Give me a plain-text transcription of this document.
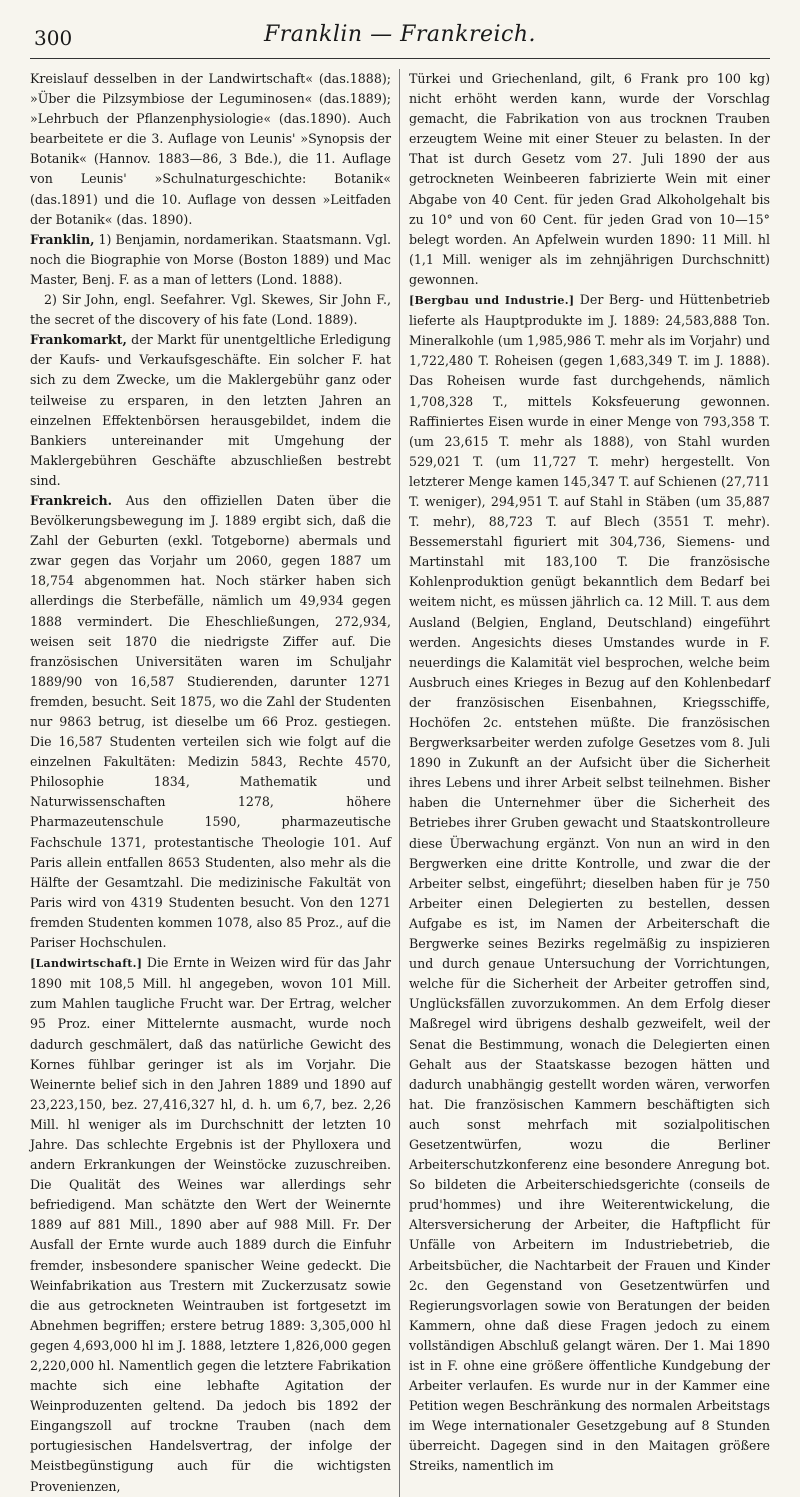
300	Franklin — Frankreich.

Kreislauf desselben in der Landwirtschaft« (das.1888); »Über die Pilzsymbiose der Leguminosen« (das.1889); »Lehrbuch der Pflanzenphysiologie« (das.1890). Auch bearbeitete er die 3. Auflage von Leunis' »Synopsis der Botanik« (Hannov. 1883—86, 3 Bde.), die 11. Auflage von Leunis' »Schulnaturgeschichte: Botanik« (das.1891) und die 10. Auflage von dessen »Leitfaden der Botanik« (das. 1890).

Franklin, 1) Benjamin, nordamerikan. Staatsmann. Vgl. noch die Biographie von Morse (Boston 1889) und Mac Master, Benj. F. as a man of letters (Lond. 1888).

2) Sir John, engl. Seefahrer. Vgl. Skewes, Sir John F., the secret of the discovery of his fate (Lond. 1889).

Frankomarkt, der Markt für unentgeltliche Erledigung der Kaufs- und Verkaufsgeschäfte. Ein solcher F. hat sich zu dem Zwecke, um die Maklergebühr ganz oder teilweise zu ersparen, in den letzten Jahren an einzelnen Effektenbörsen herausgebildet, indem die Bankiers untereinander mit Umgehung der Maklergebühren Geschäfte abzuschließen bestrebt sind.

Frankreich. Aus den offiziellen Daten über die Bevölkerungsbewegung im J. 1889 ergibt sich, daß die Zahl der Geburten (exkl. Totgeborne) abermals und zwar gegen das Vorjahr um 2060, gegen 1887 um 18,754 abgenommen hat. Noch stärker haben sich allerdings die Sterbefälle, nämlich um 49,934 gegen 1888 vermindert. Die Eheschließungen, 272,934, weisen seit 1870 die niedrigste Ziffer auf. Die französischen Universitäten waren im Schuljahr 1889/90 von 16,587 Studierenden, darunter 1271 fremden, besucht. Seit 1875, wo die Zahl der Studenten nur 9863 betrug, ist dieselbe um 66 Proz. gestiegen. Die 16,587 Studenten verteilen sich wie folgt auf die einzelnen Fakultäten: Medizin 5843, Rechte 4570, Philosophie 1834, Mathematik und Naturwissenschaften 1278, höhere Pharmazeutenschule 1590, pharmazeutische Fachschule 1371, protestantische Theologie 101. Auf Paris allein entfallen 8653 Studenten, also mehr als die Hälfte der Gesamtzahl. Die medizinische Fakultät von Paris wird von 4319 Studenten besucht. Von den 1271 fremden Studenten kommen 1078, also 85 Proz., auf die Pariser Hochschulen.

[Landwirtschaft.] Die Ernte in Weizen wird für das Jahr 1890 mit 108,5 Mill. hl angegeben, wovon 101 Mill. zum Mahlen taugliche Frucht war. Der Ertrag, welcher 95 Proz. einer Mittelernte ausmacht, wurde noch dadurch geschmälert, daß das natürliche Gewicht des Kornes fühlbar geringer ist als im Vorjahr. Die Weinernte belief sich in den Jahren 1889 und 1890 auf 23,223,150, bez. 27,416,327 hl, d. h. um 6,7, bez. 2,26 Mill. hl weniger als im Durchschnitt der letzten 10 Jahre. Das schlechte Ergebnis ist der Phylloxera und andern Erkrankungen der Weinstöcke zuzuschreiben. Die Qualität des Weines war allerdings sehr befriedigend. Man schätzte den Wert der Weinernte 1889 auf 881 Mill., 1890 aber auf 988 Mill. Fr. Der Ausfall der Ernte wurde auch 1889 durch die Einfuhr fremder, insbesondere spanischer Weine gedeckt. Die Weinfabrikation aus Trestern mit Zuckerzusatz sowie die aus getrockneten Weintrauben ist fortgesetzt im Abnehmen begriffen; erstere betrug 1889: 3,305,000 hl gegen 4,693,000 hl im J. 1888, letztere 1,826,000 gegen 2,220,000 hl. Namentlich gegen die letztere Fabrikation machte sich eine lebhafte Agitation der Weinproduzenten geltend. Da jedoch bis 1892 der Eingangszoll auf trockne Trauben (nach dem portugiesischen Handelsvertrag, der infolge der Meistbegünstigung auch für die wichtigsten Provenienzen,

Türkei und Griechenland, gilt, 6 Frank pro 100 kg) nicht erhöht werden kann, wurde der Vorschlag gemacht, die Fabrikation von aus trocknen Trauben erzeugtem Weine mit einer Steuer zu belasten. In der That ist durch Gesetz vom 27. Juli 1890 der aus getrockneten Weinbeeren fabrizierte Wein mit einer Abgabe von 40 Cent. für jeden Grad Alkoholgehalt bis zu 10° und von 60 Cent. für jeden Grad von 10—15° belegt worden. An Apfelwein wurden 1890: 11 Mill. hl (1,1 Mill. weniger als im zehnjährigen Durchschnitt) gewonnen.

[Bergbau und Industrie.] Der Berg- und Hüttenbetrieb lieferte als Hauptprodukte im J. 1889: 24,583,888 Ton. Mineralkohle (um 1,985,986 T. mehr als im Vorjahr) und 1,722,480 T. Roheisen (gegen 1,683,349 T. im J. 1888). Das Roheisen wurde fast durchgehends, nämlich 1,708,328 T., mittels Koksfeuerung gewonnen. Raffiniertes Eisen wurde in einer Menge von 793,358 T. (um 23,615 T. mehr als 1888), von Stahl wurden 529,021 T. (um 11,727 T. mehr) hergestellt. Von letzterer Menge kamen 145,347 T. auf Schienen (27,711 T. weniger), 294,951 T. auf Stahl in Stäben (um 35,887 T. mehr), 88,723 T. auf Blech (3551 T. mehr). Bessemerstahl figuriert mit 304,736, Siemens- und Martinstahl mit 183,100 T. Die französische Kohlenproduktion genügt bekanntlich dem Bedarf bei weitem nicht, es müssen jährlich ca. 12 Mill. T. aus dem Ausland (Belgien, England, Deutschland) eingeführt werden. Angesichts dieses Umstandes wurde in F. neuerdings die Kalamität viel besprochen, welche beim Ausbruch eines Krieges in Bezug auf den Kohlenbedarf der französischen Eisenbahnen, Kriegsschiffe, Hochöfen 2c. entstehen müßte. Die französischen Bergwerksarbeiter werden zufolge Gesetzes vom 8. Juli 1890 in Zukunft an der Aufsicht über die Sicherheit ihres Lebens und ihrer Arbeit selbst teilnehmen. Bisher haben die Unternehmer über die Sicherheit des Betriebes ihrer Gruben gewacht und Staatskontrolleure diese Überwachung ergänzt. Von nun an wird in den Bergwerken eine dritte Kontrolle, und zwar die der Arbeiter selbst, eingeführt; dieselben haben für je 750 Arbeiter einen Delegierten zu bestellen, dessen Aufgabe es ist, im Namen der Arbeiterschaft die Bergwerke seines Bezirks regelmäßig zu inspizieren und durch genaue Untersuchung der Vorrichtungen, welche für die Sicherheit der Arbeiter getroffen sind, Unglücksfällen zuvorzukommen. An dem Erfolg dieser Maßregel wird übrigens deshalb gezweifelt, weil der Senat die Bestimmung, wonach die Delegierten einen Gehalt aus der Staatskasse bezogen hätten und dadurch unabhängig gestellt worden wären, verworfen hat. Die französischen Kammern beschäftigten sich auch sonst mehrfach mit sozialpolitischen Gesetzentwürfen, wozu die Berliner Arbeiterschutzkonferenz eine besondere Anregung bot. So bildeten die Arbeiterschiedsgerichte (conseils de prud'hommes) und ihre Weiterentwickelung, die Altersversicherung der Arbeiter, die Haftpflicht für Unfälle von Arbeitern im Industriebetrieb, die Arbeitsbücher, die Nachtarbeit der Frauen und Kinder 2c. den Gegenstand von Gesetzentwürfen und Regierungsvorlagen sowie von Beratungen der beiden Kammern, ohne daß diese Fragen jedoch zu einem vollständigen Abschluß gelangt wären. Der 1. Mai 1890 ist in F. ohne eine größere öffentliche Kundgebung der Arbeiter verlaufen. Es wurde nur in der Kammer eine Petition wegen Beschränkung des normalen Arbeitstags im Wege internationaler Gesetzgebung auf 8 Stunden überreicht. Dagegen sind in den Maitagen größere Streiks, namentlich im
